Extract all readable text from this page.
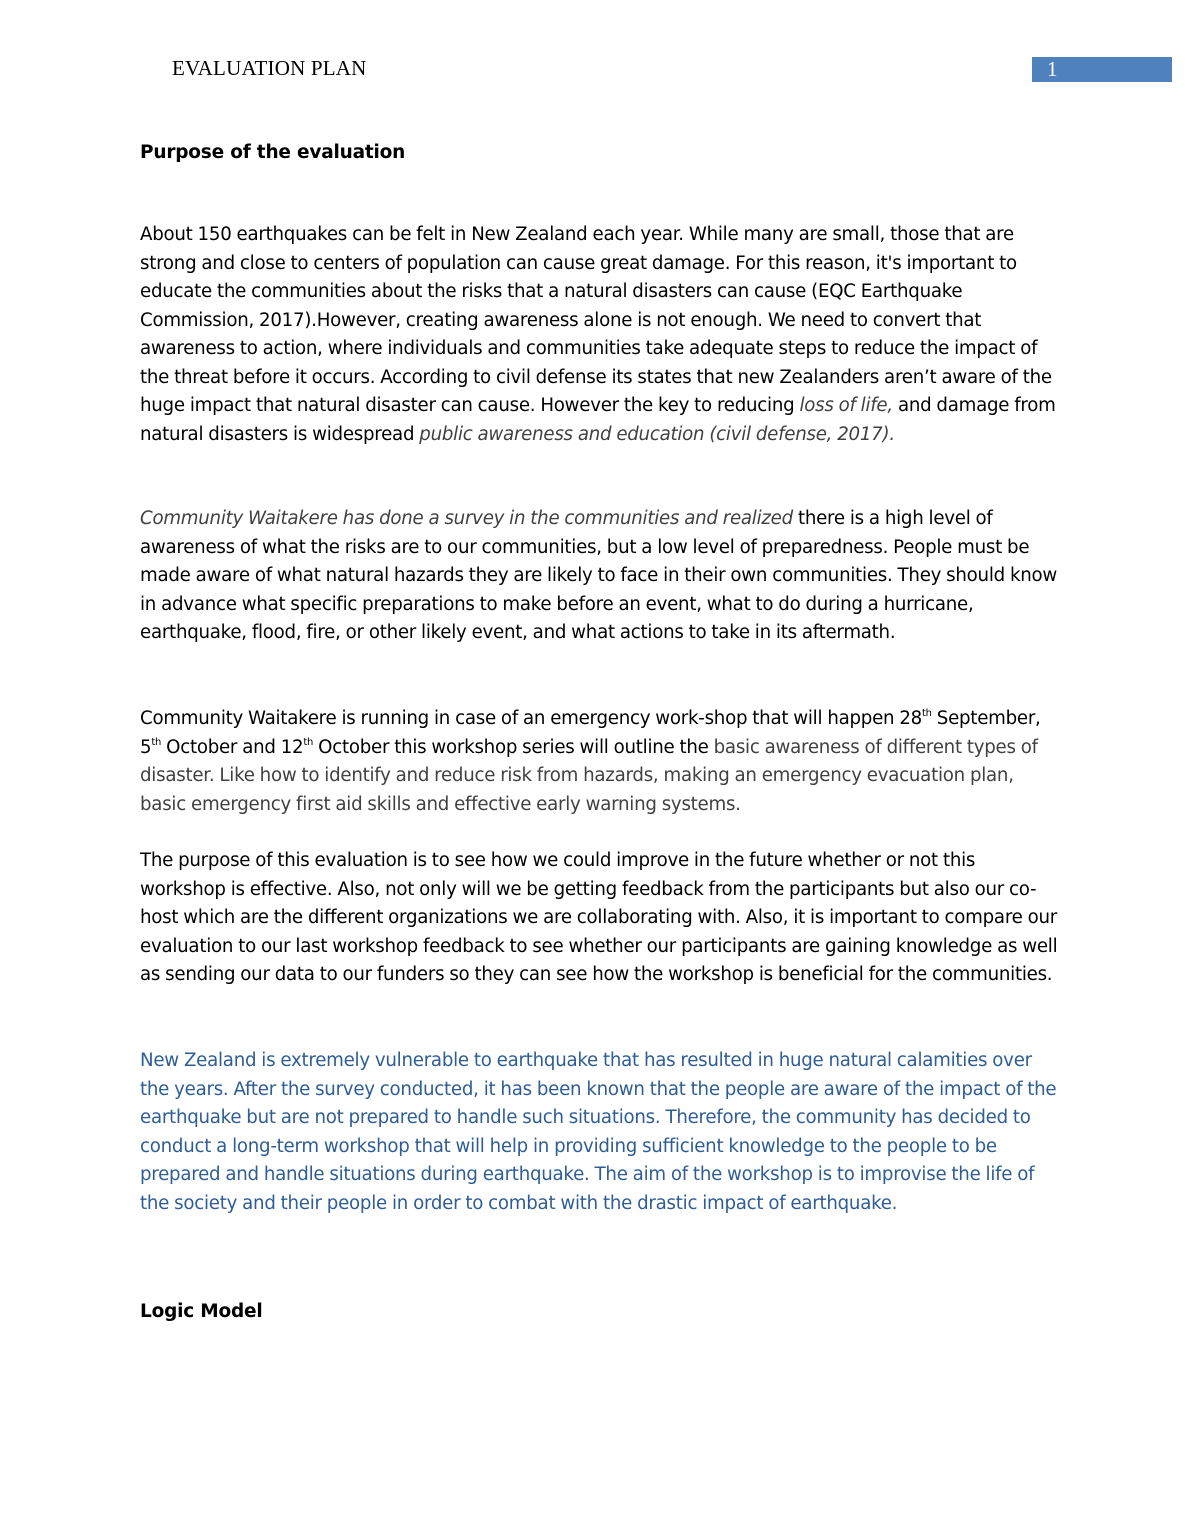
EVALUATION PLAN	1
Purpose of the evaluation

About 150 earthquakes can be felt in New Zealand each year. While many are small, those that are strong and close to centers of population can cause great damage. For this reason, it's important to educate the communities about the risks that a natural disasters can cause (EQC Earthquake Commission, 2017).However, creating awareness alone is not enough. We need to convert that awareness to action, where individuals and communities take adequate steps to reduce the impact of the threat before it occurs. According to civil defense its states that new Zealanders aren’t aware of the huge impact that natural disaster can cause. However the key to reducing loss of life, and damage from natural disasters is widespread public awareness and education (civil defense, 2017).

Community Waitakere has done a survey in the communities and realized there is a high level of awareness of what the risks are to our communities, but a low level of preparedness. People must be made aware of what natural hazards they are likely to face in their own communities. They should know in advance what specific preparations to make before an event, what to do during a hurricane, earthquake, flood, fire, or other likely event, and what actions to take in its aftermath.

Community Waitakere is running in case of an emergency work-shop that will happen 28th September, 5th October and 12th October this workshop series will outline the basic awareness of different types of disaster. Like how to identify and reduce risk from hazards, making an emergency evacuation plan, basic emergency first aid skills and effective early warning systems.

The purpose of this evaluation is to see how we could improve in the future whether or not this workshop is effective. Also, not only will we be getting feedback from the participants but also our co-host which are the different organizations we are collaborating with. Also, it is important to compare our evaluation to our last workshop feedback to see whether our participants are gaining knowledge as well as sending our data to our funders so they can see how the workshop is beneficial for the communities.

New Zealand is extremely vulnerable to earthquake that has resulted in huge natural calamities over the years. After the survey conducted, it has been known that the people are aware of the impact of the earthquake but are not prepared to handle such situations. Therefore, the community has decided to conduct a long-term workshop that will help in providing sufficient knowledge to the people to be prepared and handle situations during earthquake. The aim of the workshop is to improvise the life of the society and their people in order to combat with the drastic impact of earthquake.

Logic Model
